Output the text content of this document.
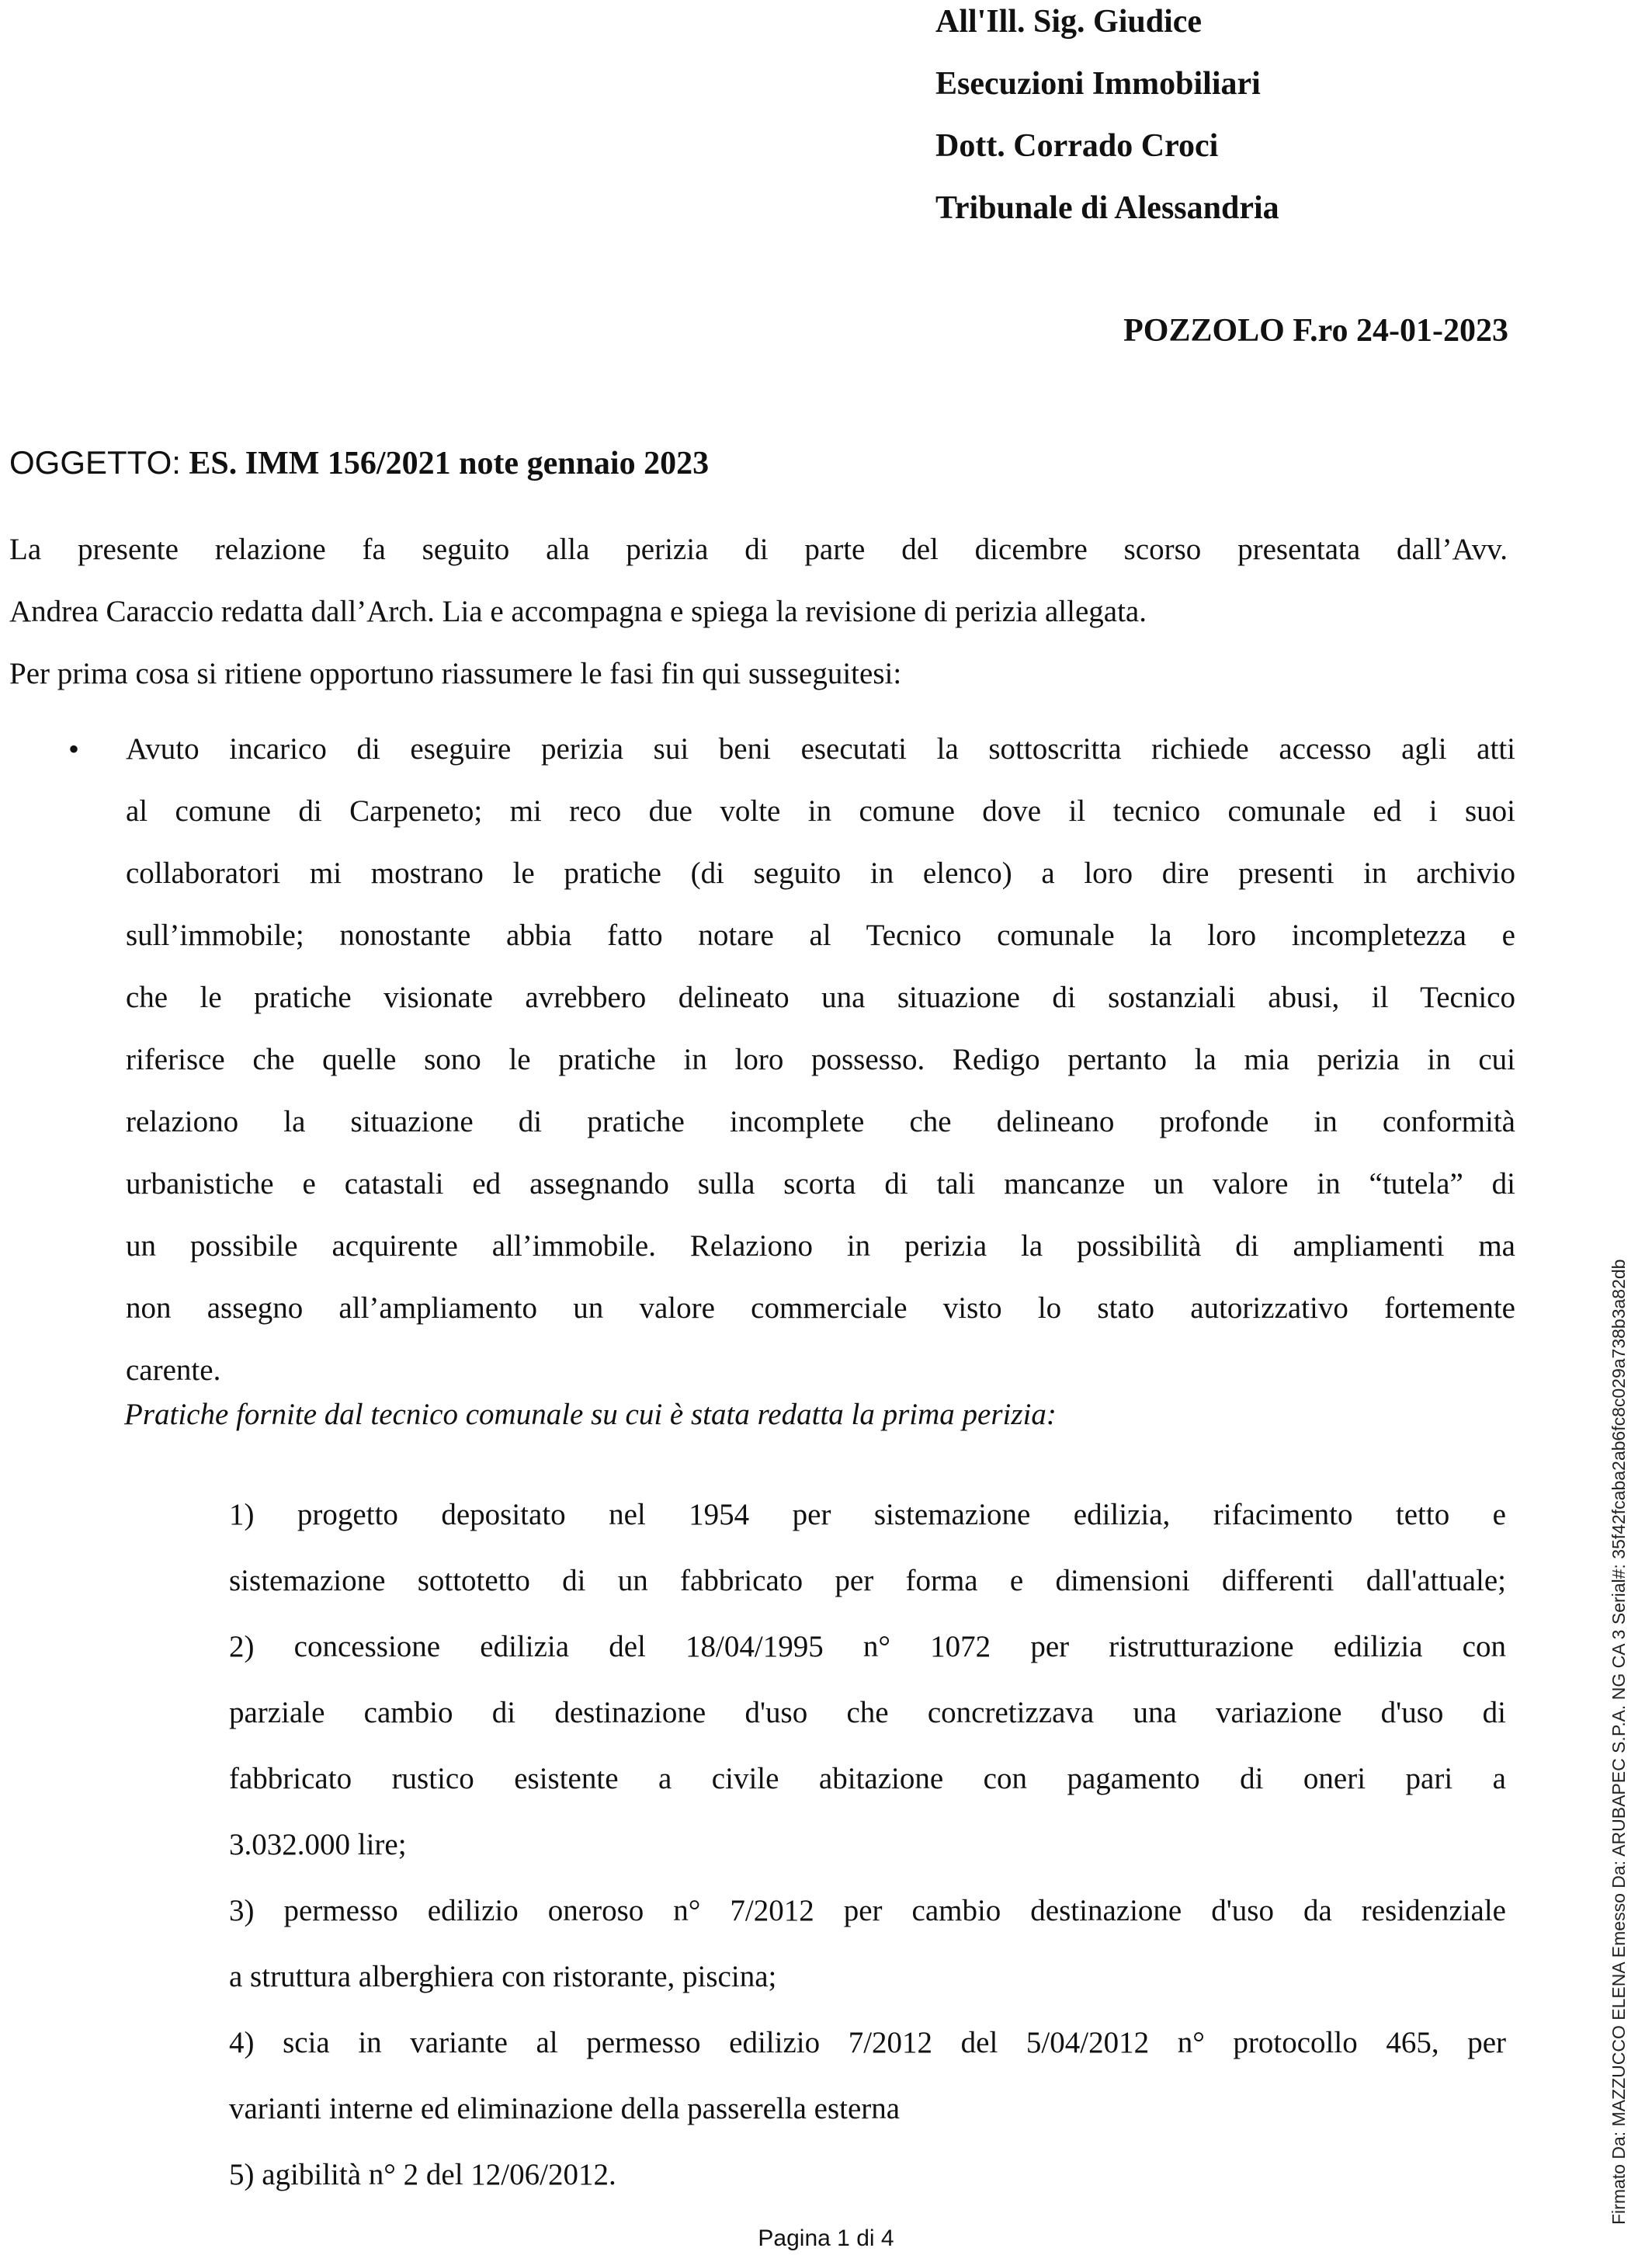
All'Ill. Sig. Giudice
Esecuzioni Immobiliari
Dott. Corrado Croci
Tribunale di Alessandria
POZZOLO F.ro 24-01-2023
OGGETTO: ES. IMM 156/2021 note gennaio 2023
La presente relazione fa seguito alla perizia di parte del dicembre scorso presentata dall’Avv.
Andrea Caraccio redatta dall’Arch. Lia e accompagna e spiega la revisione di perizia allegata.
Per prima cosa si ritiene opportuno riassumere le fasi fin qui susseguitesi:
• Avuto incarico di eseguire perizia sui beni esecutati la sottoscritta richiede accesso agli atti
al comune di Carpeneto; mi reco due volte in comune dove il tecnico comunale ed i suoi
collaboratori mi mostrano le pratiche (di seguito in elenco) a loro dire presenti in archivio
sull’immobile; nonostante abbia fatto notare al Tecnico comunale la loro incompletezza e
che le pratiche visionate avrebbero delineato una situazione di sostanziali abusi, il Tecnico
riferisce che quelle sono le pratiche in loro possesso. Redigo pertanto la mia perizia in cui
relaziono la situazione di pratiche incomplete che delineano profonde in conformità
urbanistiche e catastali ed assegnando sulla scorta di tali mancanze un valore in “tutela” di
un possibile acquirente all’immobile. Relaziono in perizia la possibilità di ampliamenti ma
non assegno all’ampliamento un valore commerciale visto lo stato autorizzativo fortemente
carente.
Pratiche fornite dal tecnico comunale su cui è stata redatta la prima perizia:
1) progetto depositato nel 1954 per sistemazione edilizia, rifacimento tetto e
sistemazione sottotetto di un fabbricato per forma e dimensioni differenti dall'attuale;
2) concessione edilizia del 18/04/1995 n° 1072 per ristrutturazione edilizia con
parziale cambio di destinazione d'uso che concretizzava una variazione d'uso di
fabbricato rustico esistente a civile abitazione con pagamento di oneri pari a
3.032.000 lire;
3) permesso edilizio oneroso n° 7/2012 per cambio destinazione d'uso da residenziale
a struttura alberghiera con ristorante, piscina;
4) scia in variante al permesso edilizio 7/2012 del 5/04/2012 n° protocollo 465, per
varianti interne ed eliminazione della passerella esterna
5) agibilità n° 2 del 12/06/2012.
Pagina 1 di 4
Firmato Da: MAZZUCCO ELENA Emesso Da: ARUBAPEC S.P.A. NG CA 3 Serial#: 35f42fcaba2ab6fc8c029a738b3a82db
